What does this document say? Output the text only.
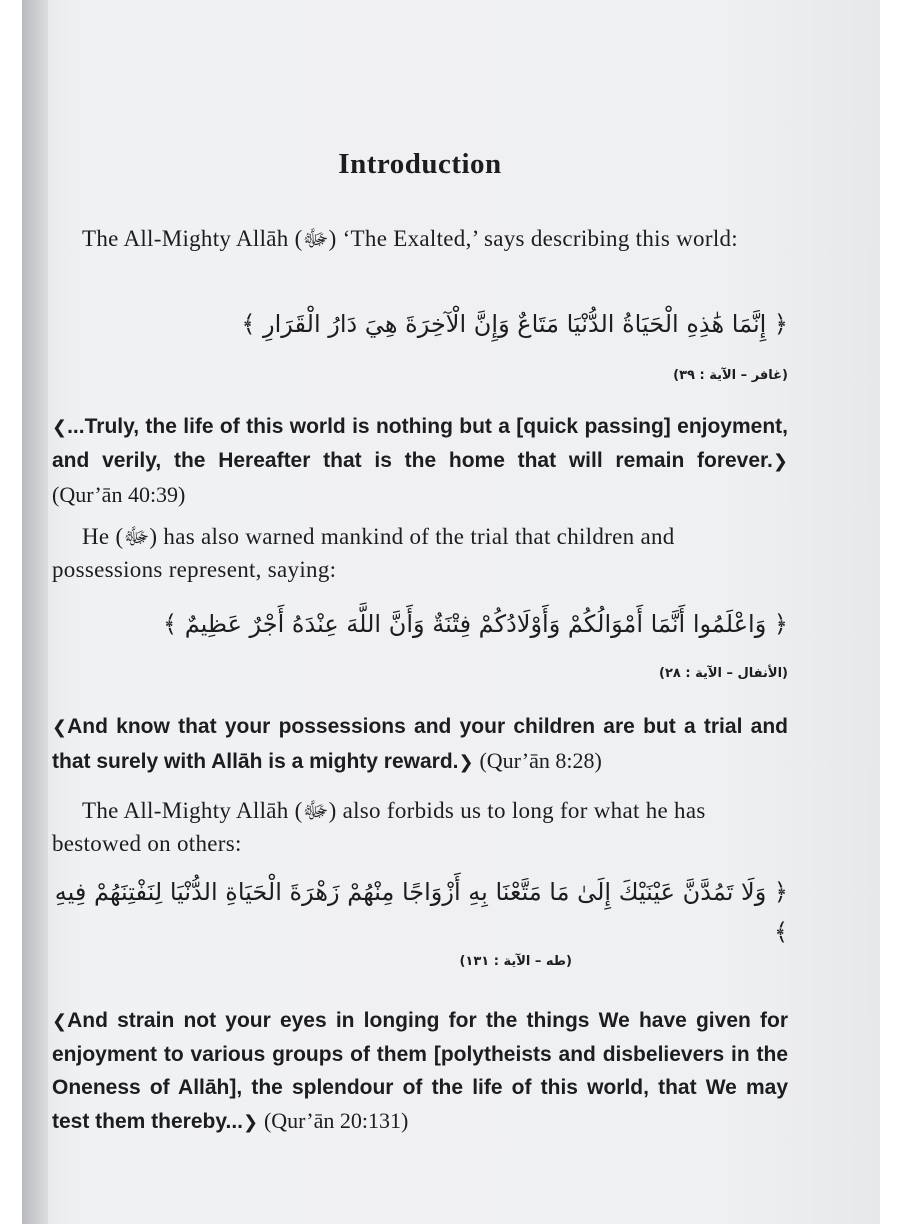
Introduction

The All-Mighty Allāh (ﷻ) ‘The Exalted,’ says describing this world:

﴿ إِنَّمَا هَٰذِهِ الْحَيَاةُ الدُّنْيَا مَتَاعٌ وَإِنَّ الْآخِرَةَ هِيَ دَارُ الْقَرَارِ ﴾

(غافر – الآية : ٣٩)

❮...Truly, the life of this world is nothing but a [quick passing] enjoyment, and verily, the Hereafter that is the home that will remain forever.❯ (Qur’ān 40:39)

He (ﷻ) has also warned mankind of the trial that children and possessions represent, saying:

﴿ وَاعْلَمُوا أَنَّمَا أَمْوَالُكُمْ وَأَوْلَادُكُمْ فِتْنَةٌ وَأَنَّ اللَّهَ عِنْدَهُ أَجْرٌ عَظِيمٌ ﴾

(الأنفال – الآية : ٢٨)

❮And know that your possessions and your children are but a trial and that surely with Allāh is a mighty reward.❯ (Qur’ān 8:28)

The All-Mighty Allāh (ﷻ) also forbids us to long for what he has bestowed on others:

﴿ وَلَا تَمُدَّنَّ عَيْنَيْكَ إِلَىٰ مَا مَتَّعْنَا بِهِ أَزْوَاجًا مِنْهُمْ زَهْرَةَ الْحَيَاةِ الدُّنْيَا لِنَفْتِنَهُمْ فِيهِ ﴾

(طه – الآية : ١٣١)

❮And strain not your eyes in longing for the things We have given for enjoyment to various groups of them [polytheists and disbelievers in the Oneness of Allāh], the splendour of the life of this world, that We may test them thereby...❯ (Qur’ān 20:131)
